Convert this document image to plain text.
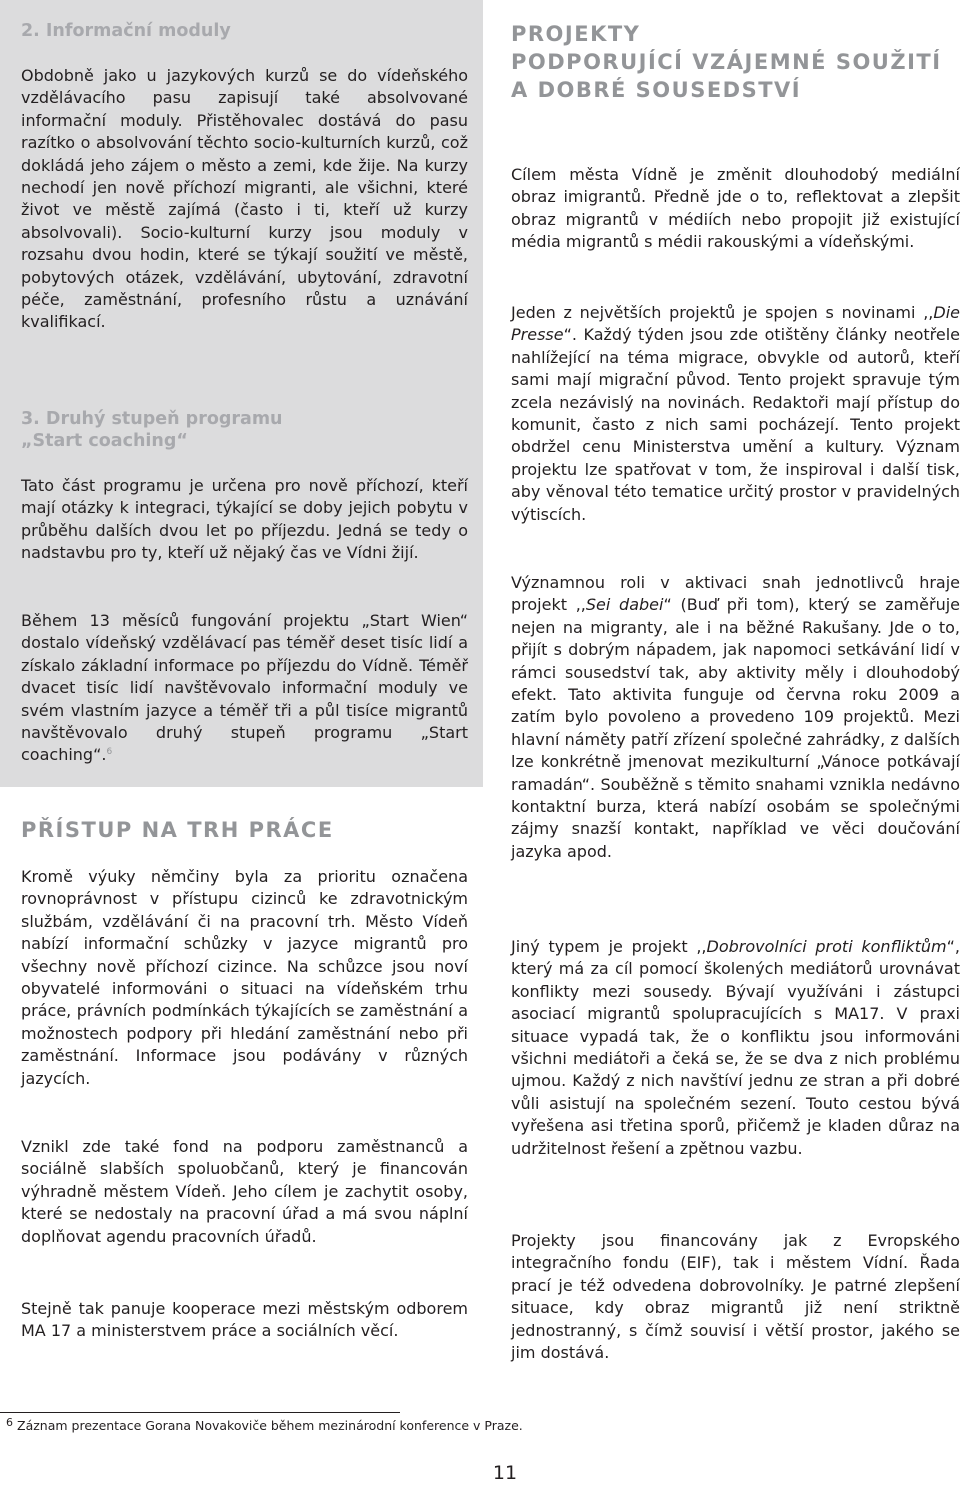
2. Informační moduly

Obdobně jako u jazykových kurzů se do vídeňského vzdělávacího pasu zapisují také absolvované informační moduly. Přistěhovalec dostává do pasu razítko o absolvování těchto socio-kulturních kurzů, což dokládá jeho zájem o město a zemi, kde žije. Na kurzy nechodí jen nově příchozí migranti, ale všichni, které život ve městě zajímá (často i ti, kteří už kurzy absolvovali). Socio-kulturní kurzy jsou moduly v rozsahu dvou hodin, které se týkají soužití ve městě, pobytových otázek, vzdělávání, ubytování, zdravotní péče, zaměstnání, profesního růstu a uznávání kvalifikací.

3. Druhý stupeň programu
„Start coaching“

Tato část programu je určena pro nově příchozí, kteří mají otázky k integraci, týkající se doby jejich pobytu v průběhu dalších dvou let po příjezdu. Jedná se tedy o nadstavbu pro ty, kteří už nějaký čas ve Vídni žijí.

Během 13 měsíců fungování projektu „Start Wien“ dostalo vídeňský vzdělávací pas téměř deset tisíc lidí a získalo základní informace po příjezdu do Vídně. Téměř dvacet tisíc lidí navštěvovalo informační moduly ve svém vlastním jazyce a téměř tři a půl tisíce migrantů navštěvovalo druhý stupeň programu „Start coaching“.$^6$

PŘÍSTUP NA TRH PRÁCE

Kromě výuky němčiny byla za prioritu označena rovnoprávnost v přístupu cizinců ke zdravotnickým službám, vzdělávání či na pracovní trh. Město Vídeň nabízí informační schůzky v jazyce migrantů pro všechny nově příchozí cizince. Na schůzce jsou noví obyvatelé informováni o situaci na vídeňském trhu práce, právních podmínkách týkajících se zaměstnání a možnostech podpory při hledání zaměstnání nebo při zaměstnání. Informace jsou podávány v různých jazycích.

Vznikl zde také fond na podporu zaměstnanců a sociálně slabších spoluobčanů, který je financován výhradně městem Vídeň. Jeho cílem je zachytit osoby, které se nedostaly na pracovní úřad a má svou náplní doplňovat agendu pracovních úřadů.

Stejně tak panuje kooperace mezi městským odborem MA 17 a ministerstvem práce a sociálních věcí.

PROJEKTY
PODPORUJÍCÍ VZÁJEMNÉ SOUŽITÍ
A DOBRÉ SOUSEDSTVÍ

Cílem města Vídně je změnit dlouhodobý mediální obraz imigrantů. Předně jde o to, reflektovat a zlepšit obraz migrantů v médiích nebo propojit již existující média migrantů s médii rakouskými a vídeňskými.

Jeden z největších projektů je spojen s novinami ,,Die Presse“. Každý týden jsou zde otištěny články neotřele nahlížející na téma migrace, obvykle od autorů, kteří sami mají migrační původ. Tento projekt spravuje tým zcela nezávislý na novinách. Redaktoři mají přístup do komunit, často z nich sami pocházejí. Tento projekt obdržel cenu Ministerstva umění a kultury. Význam projektu lze spatřovat v tom, že inspiroval i další tisk, aby věnoval této tematice určitý prostor v pravidelných výtiscích.

Významnou roli v aktivaci snah jednotlivců hraje projekt ,,Sei dabei“ (Buď při tom), který se zaměřuje nejen na migranty, ale i na běžné Rakušany. Jde o to, přijít s dobrým nápadem, jak napomoci setkávání lidí v rámci sousedství tak, aby aktivity měly i dlouhodobý efekt. Tato aktivita funguje od června roku 2009 a zatím bylo povoleno a provedeno 109 projektů. Mezi hlavní náměty patří zřízení společné zahrádky, z dalších lze konkrétně jmenovat mezikulturní „Vánoce potkávají ramadán“. Souběžně s těmito snahami vznikla nedávno kontaktní burza, která nabízí osobám se společnými zájmy snazší kontakt, například ve věci doučování jazyka apod.

Jiný typem je projekt ,,Dobrovolníci proti konfliktům“, který má za cíl pomocí školených mediátorů urovnávat konflikty mezi sousedy. Bývají využíváni i zástupci asociací migrantů spolupracujících s MA17. V praxi situace vypadá tak, že o konfliktu jsou informováni všichni mediátoři a čeká se, že se dva z nich problému ujmou. Každý z nich navštíví jednu ze stran a při dobré vůli asistují na společném sezení. Touto cestou bývá vyřešena asi třetina sporů, přičemž je kladen důraz na udržitelnost řešení a zpětnou vazbu.

Projekty jsou financovány jak z Evropského integračního fondu (EIF), tak i městem Vídní. Řada prací je též odvedena dobrovolníky. Je patrné zlepšení situace, kdy obraz migrantů již není striktně jednostranný, s čímž souvisí i větší prostor, jakého se jim dostává.

6 Záznam prezentace Gorana Novakoviče během mezinárodní konference v Praze.
11
